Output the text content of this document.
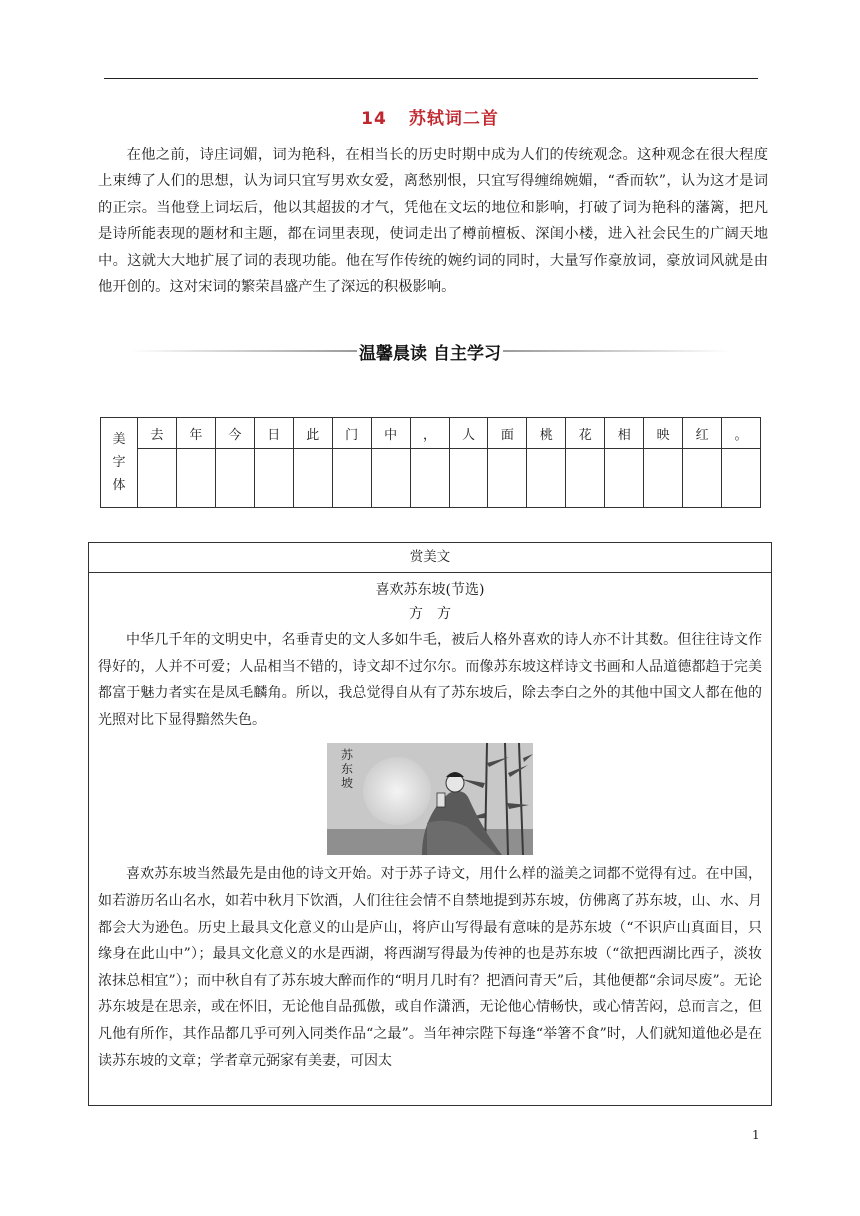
14 苏轼词二首

在他之前，诗庄词媚，词为艳科，在相当长的历史时期中成为人们的传统观念。这种观念在很大程度上束缚了人们的思想，认为词只宜写男欢女爱，离愁别恨，只宜写得缠绵婉媚，“香而软”，认为这才是词的正宗。当他登上词坛后，他以其超拔的才气，凭他在文坛的地位和影响，打破了词为艳科的藩篱，把凡是诗所能表现的题材和主题，都在词里表现，使词走出了樽前檀板、深闺小楼，进入社会民生的广阔天地中。这就大大地扩展了词的表现功能。他在写作传统的婉约词的同时，大量写作豪放词，豪放词风就是由他开创的。这对宋词的繁荣昌盛产生了深远的积极影响。

温馨晨读 自主学习
美
字
体	去	年	今	日	此	门	中	，	人	面	桃	花	相	映	红	。

赏美文
喜欢苏东坡(节选)
方方

中华几千年的文明史中，名垂青史的文人多如牛毛，被后人格外喜欢的诗人亦不计其数。但往往诗文作得好的，人并不可爱；人品相当不错的，诗文却不过尔尔。而像苏东坡这样诗文书画和人品道德都趋于完美都富于魅力者实在是凤毛麟角。所以，我总觉得自从有了苏东坡后，除去李白之外的其他中国文人都在他的光照对比下显得黯然失色。

苏
东
坡

喜欢苏东坡当然最先是由他的诗文开始。对于苏子诗文，用什么样的溢美之词都不觉得有过。在中国，如若游历名山名水，如若中秋月下饮酒，人们往往会情不自禁地提到苏东坡，仿佛离了苏东坡，山、水、月都会大为逊色。历史上最具文化意义的山是庐山，将庐山写得最有意味的是苏东坡（“不识庐山真面目，只缘身在此山中”）；最具文化意义的水是西湖，将西湖写得最为传神的也是苏东坡（“欲把西湖比西子，淡妆浓抹总相宜”）；而中秋自有了苏东坡大醉而作的“明月几时有？把酒问青天”后，其他便都“余词尽废”。无论苏东坡是在思亲，或在怀旧，无论他自品孤傲，或自作潇洒，无论他心情畅快，或心情苦闷，总而言之，但凡他有所作，其作品都几乎可列入同类作品“之最”。当年神宗陛下每逢“举箸不食”时，人们就知道他必是在读苏东坡的文章；学者章元弼家有美妻，可因太

1
